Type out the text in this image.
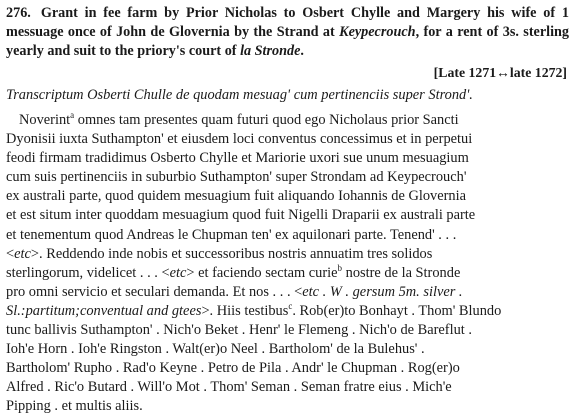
276. Grant in fee farm by Prior Nicholas to Osbert Chylle and Margery his wife of 1 messuage once of John de Glovernia by the Strand at Keypecrouch, for a rent of 3s. sterling yearly and suit to the priory's court of la Stronde.

[Late 1271↔late 1272]
Transcriptum Osberti Chulle de quodam mesuag' cum pertinenciis super Strond'.
Noverint$^a$ omnes tam presentes quam futuri quod ego Nicholaus prior Sancti
Dyonisii iuxta Suthampton' et eiusdem loci conventus concessimus et in perpetui
feodi firmam tradidimus Osberto Chylle et Mariorie uxori sue unum mesuagium
cum suis pertinenciis in suburbio Suthampton' super Strondam ad Keypecrouch'
ex australi parte, quod quidem mesuagium fuit aliquando Iohannis de Glovernia
et est situm inter quoddam mesuagium quod fuit Nigelli Draparii ex australi parte
et tenementum quod Andreas le Chupman ten' ex aquilonari parte. Tenend' . . .
<etc>. Reddendo inde nobis et successoribus nostris annuatim tres solidos
sterlingorum, videlicet . . . <etc> et faciendo sectam curie$^b$ nostre de la Stronde
pro omni servicio et seculari demanda. Et nos . . . <etc . W . gersum 5m. silver .
Sl.:partitum;conventual and gtees>. Hiis testibus$^c$. Rob(er)to Bonhayt . Thom' Blundo
tunc ballivis Suthampton' . Nich'o Beket . Henr' le Flemeng . Nich'o de Bareflut .
Ioh'e Horn . Ioh'e Ringston . Walt(er)o Neel . Bartholom' de la Bulehus' .
Bartholom' Rupho . Rad'o Keyne . Petro de Pila . Andr' le Chupman . Rog(er)o
Alfred . Ric'o Butard . Will'o Mot . Thom' Seman . Seman fratre eius . Mich'e
Pipping . et multis aliis.
